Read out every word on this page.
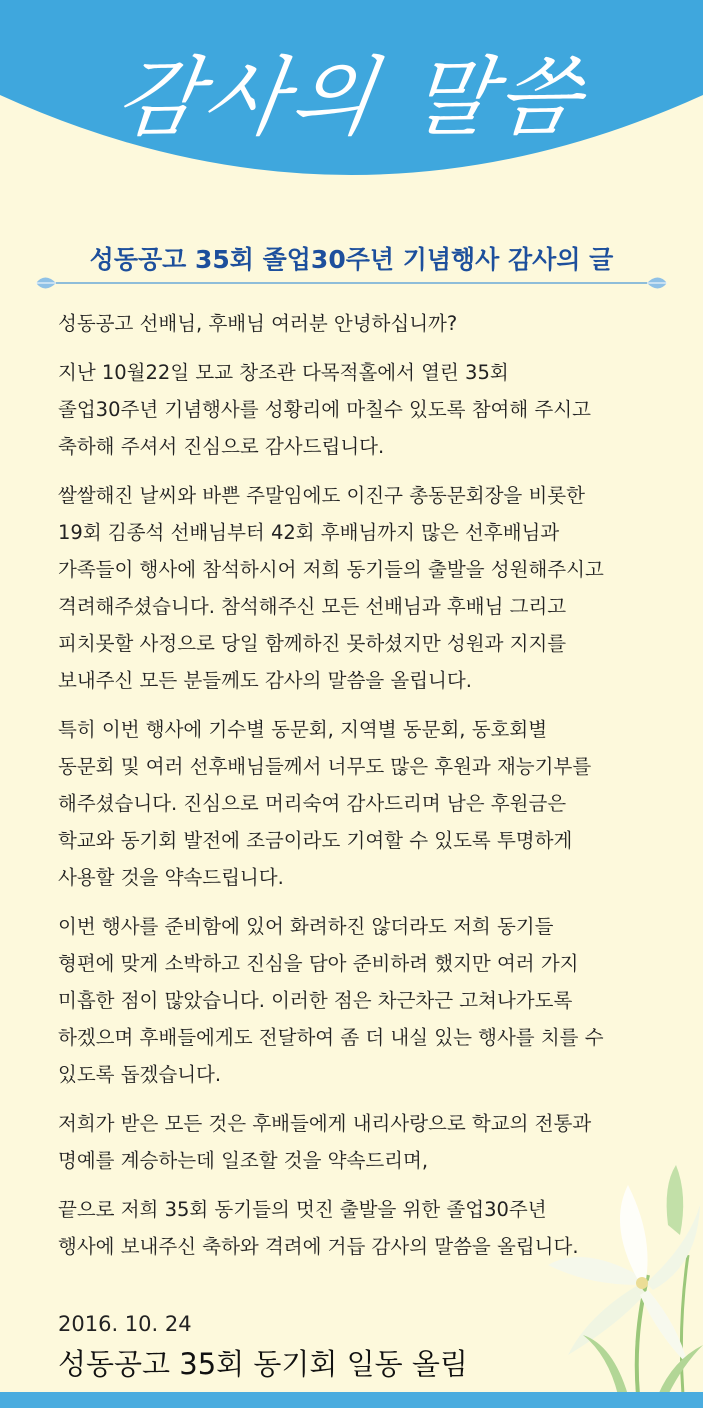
감사의 말씀
성동공고 35회 졸업30주년 기념행사 감사의 글
성동공고 선배님, 후배님 여러분 안녕하십니까?
지난 10월22일 모교 창조관 다목적홀에서 열린 35회
졸업30주년 기념행사를 성황리에 마칠수 있도록 참여해 주시고
축하해 주셔서 진심으로 감사드립니다.
쌀쌀해진 날씨와 바쁜 주말임에도 이진구 총동문회장을 비롯한
19회 김종석 선배님부터 42회 후배님까지 많은 선후배님과
가족들이 행사에 참석하시어 저희 동기들의 출발을 성원해주시고
격려해주셨습니다. 참석해주신 모든 선배님과 후배님 그리고
피치못할 사정으로 당일 함께하진 못하셨지만 성원과 지지를
보내주신 모든 분들께도 감사의 말씀을 올립니다.
특히 이번 행사에 기수별 동문회, 지역별 동문회, 동호회별
동문회 및 여러 선후배님들께서 너무도 많은 후원과 재능기부를
해주셨습니다. 진심으로 머리숙여 감사드리며 남은 후원금은
학교와 동기회 발전에 조금이라도 기여할 수 있도록 투명하게
사용할 것을 약속드립니다.
이번 행사를 준비함에 있어 화려하진 않더라도 저희 동기들
형편에 맞게 소박하고 진심을 담아 준비하려 했지만 여러 가지
미흡한 점이 많았습니다. 이러한 점은 차근차근 고쳐나가도록
하겠으며 후배들에게도 전달하여 좀 더 내실 있는 행사를 치를 수
있도록 돕겠습니다.
저희가 받은 모든 것은 후배들에게 내리사랑으로 학교의 전통과
명예를 계승하는데 일조할 것을 약속드리며,
끝으로 저희 35회 동기들의 멋진 출발을 위한 졸업30주년
행사에 보내주신 축하와 격려에 거듭 감사의 말씀을 올립니다.
2016. 10. 24
성동공고 35회 동기회 일동 올림
